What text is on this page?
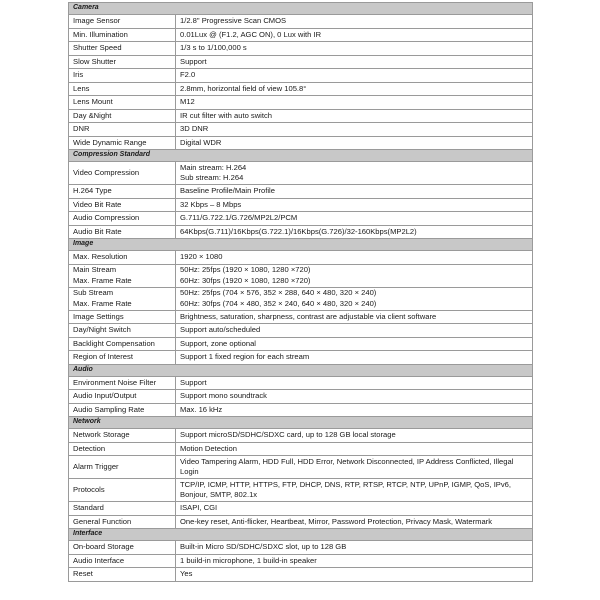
Camera	

Image Sensor	1/2.8" Progressive Scan CMOS

Min. Illumination	0.01Lux @ (F1.2, AGC ON), 0 Lux with IR

Shutter Speed	1/3 s to 1/100,000 s

Slow Shutter	Support

Iris	F2.0

Lens	2.8mm, horizontal field of view 105.8°

Lens Mount	M12

Day &Night	IR cut filter with auto switch

DNR	3D DNR

Wide Dynamic Range	Digital WDR

Compression Standard	

Video Compression	Main stream: H.264
Sub stream: H.264

H.264 Type	Baseline Profile/Main Profile

Video Bit Rate	32 Kbps – 8 Mbps

Audio Compression	G.711/G.722.1/G.726/MP2L2/PCM

Audio Bit Rate	64Kbps(G.711)/16Kbps(G.722.1)/16Kbps(G.726)/32-160Kbps(MP2L2)

Image	

Max. Resolution	1920 × 1080

Main Stream
Max. Frame Rate	50Hz: 25fps (1920 × 1080, 1280 ×720)
60Hz: 30fps (1920 × 1080, 1280 ×720)

Sub Stream
Max. Frame Rate	50Hz: 25fps (704 × 576, 352 × 288, 640 × 480, 320 × 240)
60Hz: 30fps (704 × 480, 352 × 240, 640 × 480, 320 × 240)

Image Settings	Brightness, saturation, sharpness, contrast are adjustable via client software

Day/Night Switch	Support auto/scheduled

Backlight Compensation	Support, zone optional

Region of Interest	Support 1 fixed region for each stream

Audio	

Environment Noise Filter	Support

Audio Input/Output	Support mono soundtrack

Audio Sampling Rate	Max. 16 kHz

Network	

Network Storage	Support microSD/SDHC/SDXC card, up to 128 GB local storage

Detection	Motion Detection

Alarm Trigger	Video Tampering Alarm, HDD Full, HDD Error, Network Disconnected, IP Address Conflicted, Illegal Login

Protocols	TCP/IP, ICMP, HTTP, HTTPS, FTP, DHCP, DNS, RTP, RTSP, RTCP, NTP, UPnP, IGMP, QoS, IPv6, Bonjour, SMTP, 802.1x

Standard	ISAPI, CGI

General Function	One-key reset, Anti-flicker, Heartbeat, Mirror, Password Protection, Privacy Mask, Watermark

Interface	

On-board Storage	Built-in Micro SD/SDHC/SDXC slot, up to 128 GB

Audio Interface	1 build-in microphone, 1 build-in speaker

Reset	Yes
